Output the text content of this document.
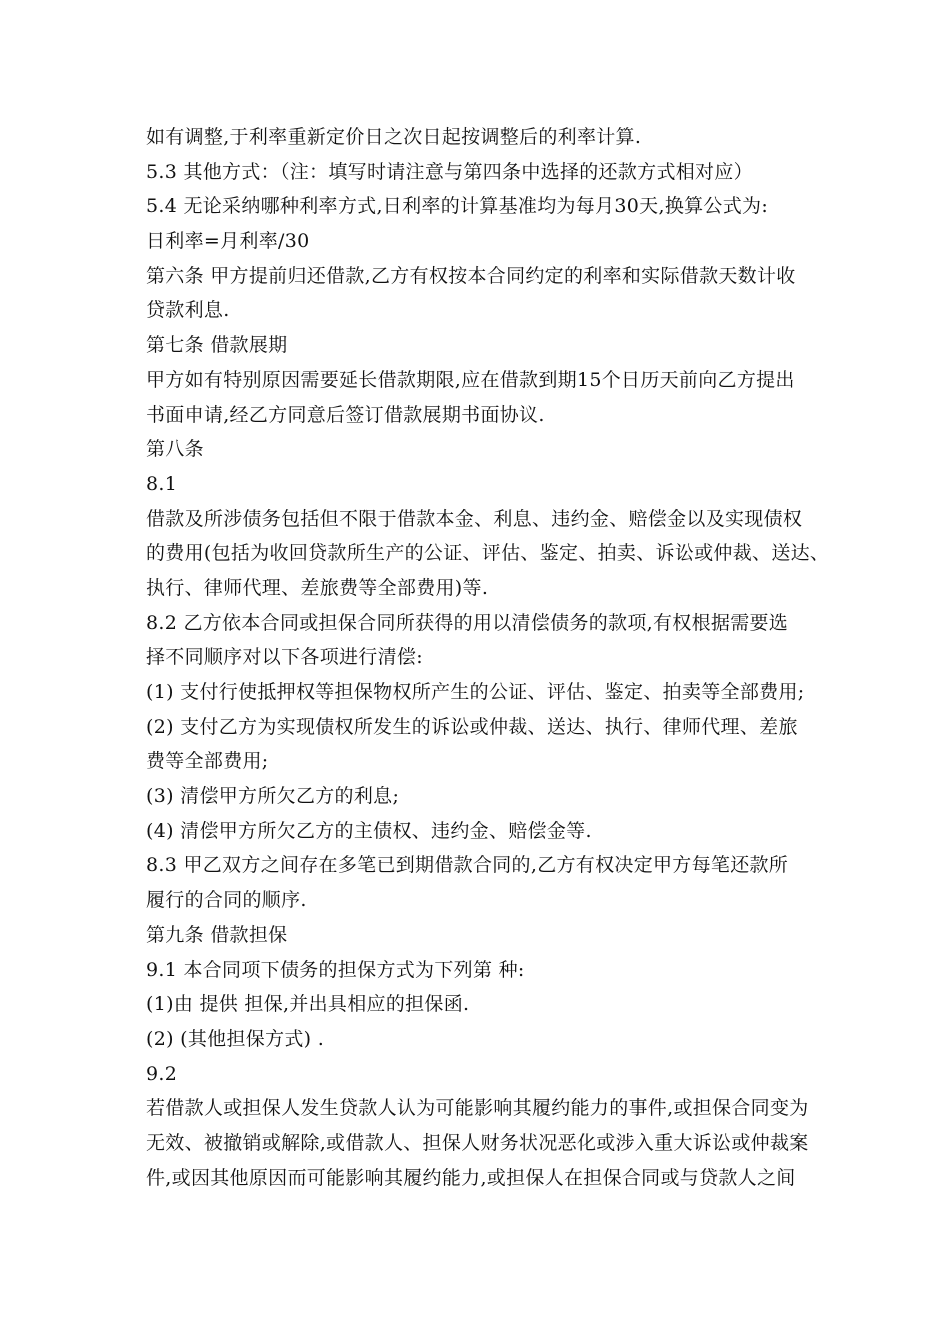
如有调整,于利率重新定价日之次日起按调整后的利率计算.
5.3 其他方式：（注：填写时请注意与第四条中选择的还款方式相对应）
5.4 无论采纳哪种利率方式,日利率的计算基准均为每月30天,换算公式为:
日利率=月利率/30
第六条 甲方提前归还借款,乙方有权按本合同约定的利率和实际借款天数计收
贷款利息.
第七条 借款展期
甲方如有特别原因需要延长借款期限,应在借款到期15个日历天前向乙方提出
书面申请,经乙方同意后签订借款展期书面协议.
第八条
8.1
借款及所涉债务包括但不限于借款本金、利息、违约金、赔偿金以及实现债权
的费用(包括为收回贷款所生产的公证、评估、鉴定、拍卖、诉讼或仲裁、送达、
执行、律师代理、差旅费等全部费用)等.
8.2 乙方依本合同或担保合同所获得的用以清偿债务的款项,有权根据需要选
择不同顺序对以下各项进行清偿:
(1) 支付行使抵押权等担保物权所产生的公证、评估、鉴定、拍卖等全部费用;
(2) 支付乙方为实现债权所发生的诉讼或仲裁、送达、执行、律师代理、差旅
费等全部费用;
(3) 清偿甲方所欠乙方的利息;
(4) 清偿甲方所欠乙方的主债权、违约金、赔偿金等.
8.3 甲乙双方之间存在多笔已到期借款合同的,乙方有权决定甲方每笔还款所
履行的合同的顺序.
第九条 借款担保
9.1 本合同项下债务的担保方式为下列第 种:
(1)由 提供 担保,并出具相应的担保函.
(2) (其他担保方式) .
9.2
若借款人或担保人发生贷款人认为可能影响其履约能力的事件,或担保合同变为
无效、被撤销或解除,或借款人、担保人财务状况恶化或涉入重大诉讼或仲裁案
件,或因其他原因而可能影响其履约能力,或担保人在担保合同或与贷款人之间
